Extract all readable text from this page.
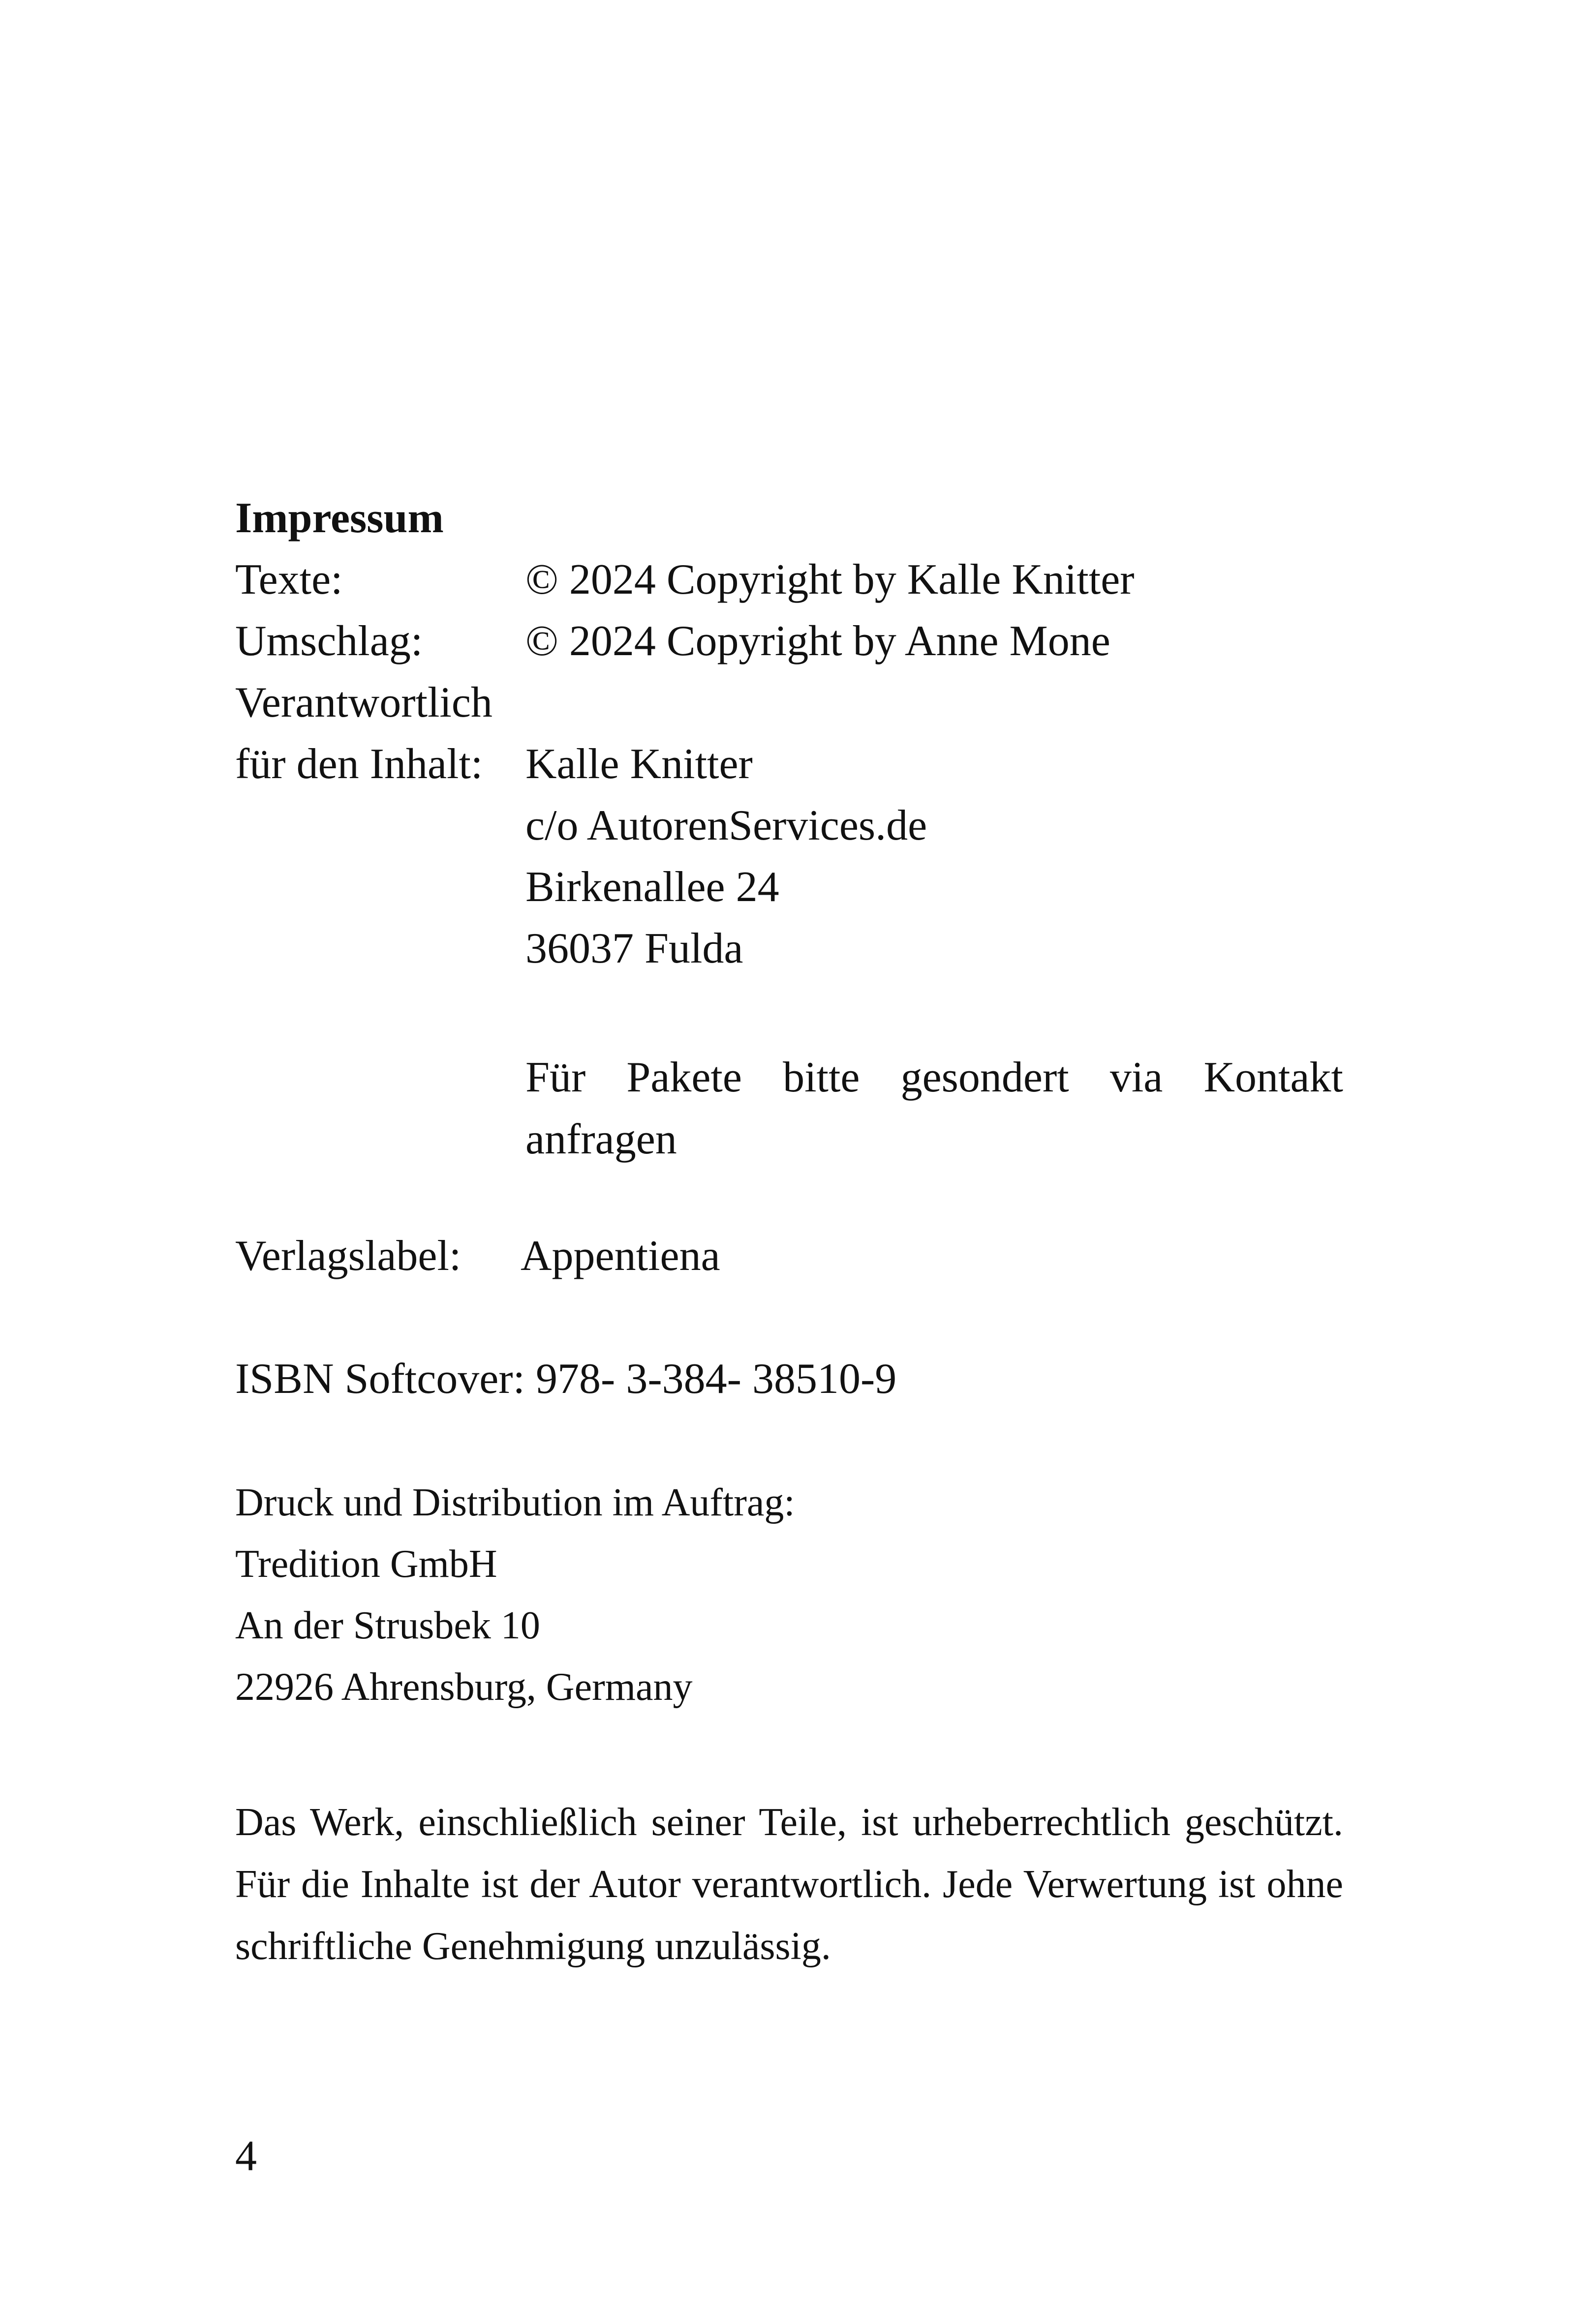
Impressum
Texte:	© 2024 Copyright by Kalle Knitter
Umschlag: © 2024 Copyright by Anne Mone
Verantwortlich
für den Inhalt: Kalle Knitter
c/o AutorenServices.de
Birkenallee 24
36037 Fulda
Für Pakete bitte gesondert via Kontakt anfragen
Verlagslabel: Appentiena
ISBN Softcover: 978- 3-384- 38510-9
Druck und Distribution im Auftrag:
Tredition GmbH
An der Strusbek 10
22926 Ahrensburg, Germany
Das Werk, einschließlich seiner Teile, ist urheberrechtlich geschützt. Für die Inhalte ist der Autor verantwortlich. Jede Verwertung ist ohne schriftliche Genehmigung unzulässig.
4
